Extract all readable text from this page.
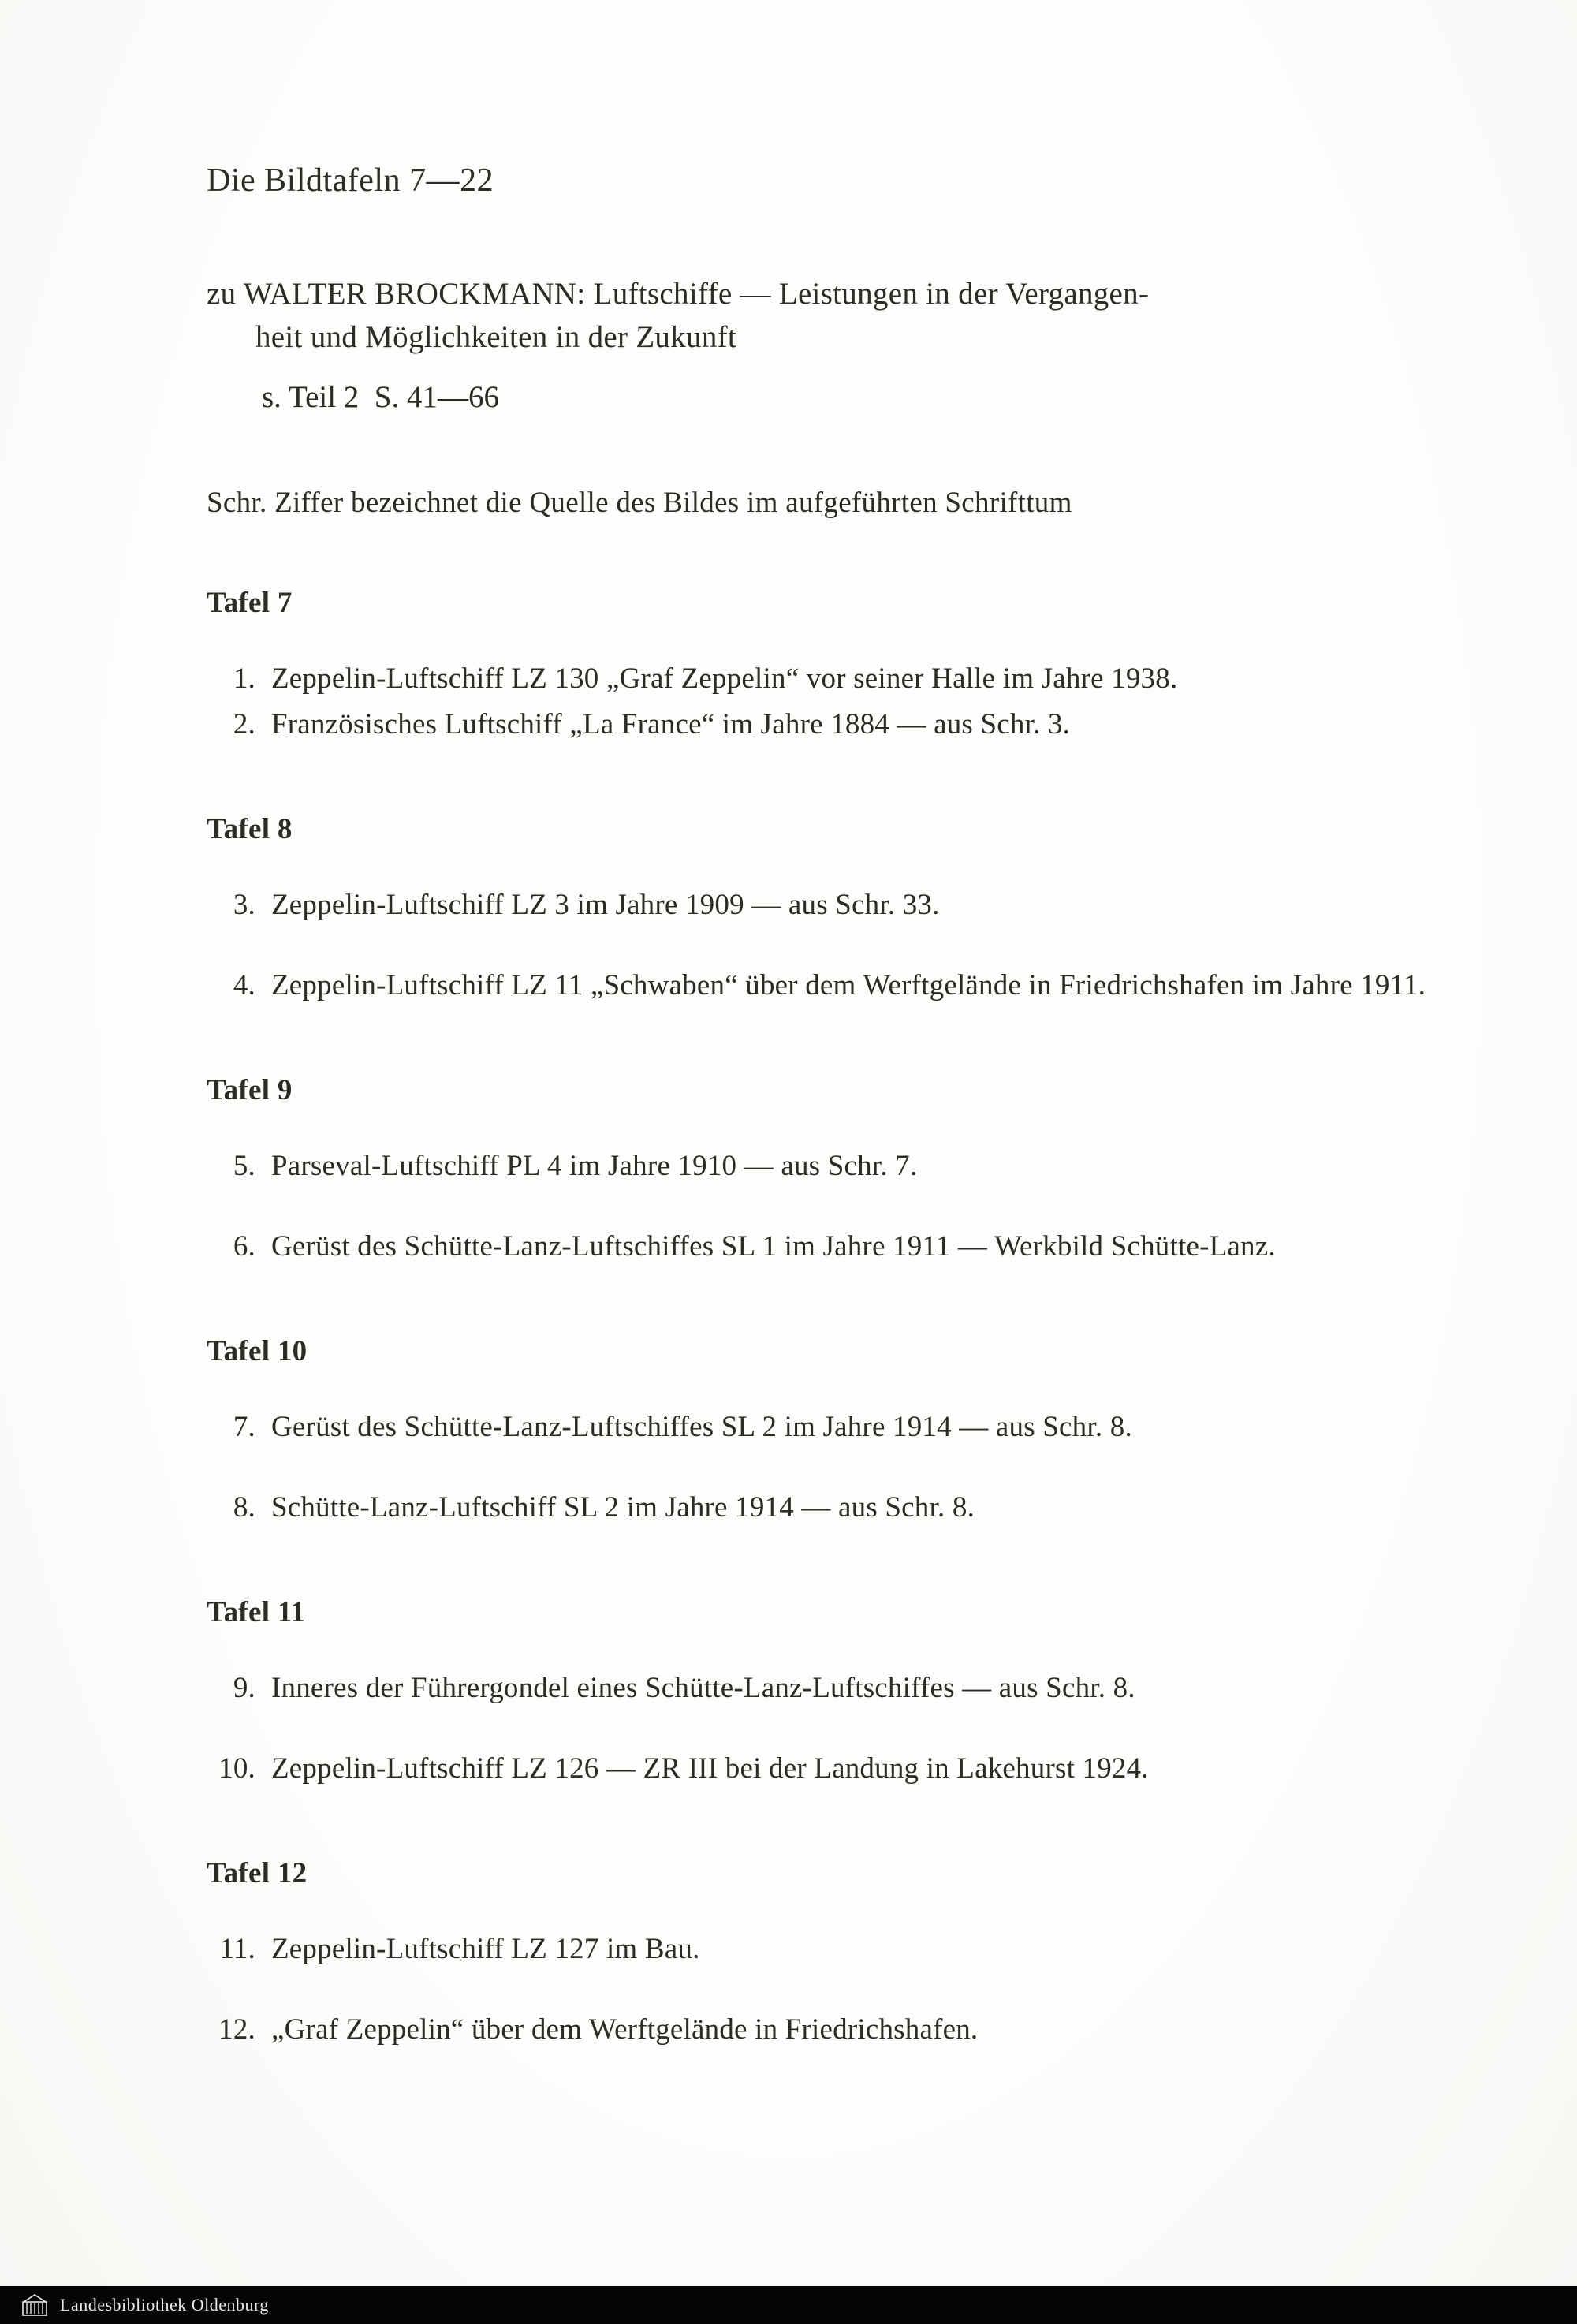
Die Bildtafeln 7—22

zu WALTER BROCKMANN: Luftschiffe — Leistungen in der Vergangen-
heit und Möglichkeiten in der Zukunft

s. Teil 2  S. 41—66

Schr. Ziffer bezeichnet die Quelle des Bildes im aufgeführten Schrifttum

Tafel 7
1. Zeppelin-Luftschiff LZ 130 „Graf Zeppelin“ vor seiner Halle im Jahre 1938.
2. Französisches Luftschiff „La France“ im Jahre 1884 — aus Schr. 3.
Tafel 8
3. Zeppelin-Luftschiff LZ 3 im Jahre 1909 — aus Schr. 33.
4. Zeppelin-Luftschiff LZ 11 „Schwaben“ über dem Werftgelände in Friedrichshafen im Jahre 1911.
Tafel 9
5. Parseval-Luftschiff PL 4 im Jahre 1910 — aus Schr. 7.
6. Gerüst des Schütte-Lanz-Luftschiffes SL 1 im Jahre 1911 — Werkbild Schütte-Lanz.
Tafel 10
7. Gerüst des Schütte-Lanz-Luftschiffes SL 2 im Jahre 1914 — aus Schr. 8.
8. Schütte-Lanz-Luftschiff SL 2 im Jahre 1914 — aus Schr. 8.
Tafel 11
9. Inneres der Führergondel eines Schütte-Lanz-Luftschiffes — aus Schr. 8.
10. Zeppelin-Luftschiff LZ 126 — ZR III bei der Landung in Lakehurst 1924.
Tafel 12
11. Zeppelin-Luftschiff LZ 127 im Bau.
12. „Graf Zeppelin“ über dem Werftgelände in Friedrichshafen.
Landesbibliothek Oldenburg
